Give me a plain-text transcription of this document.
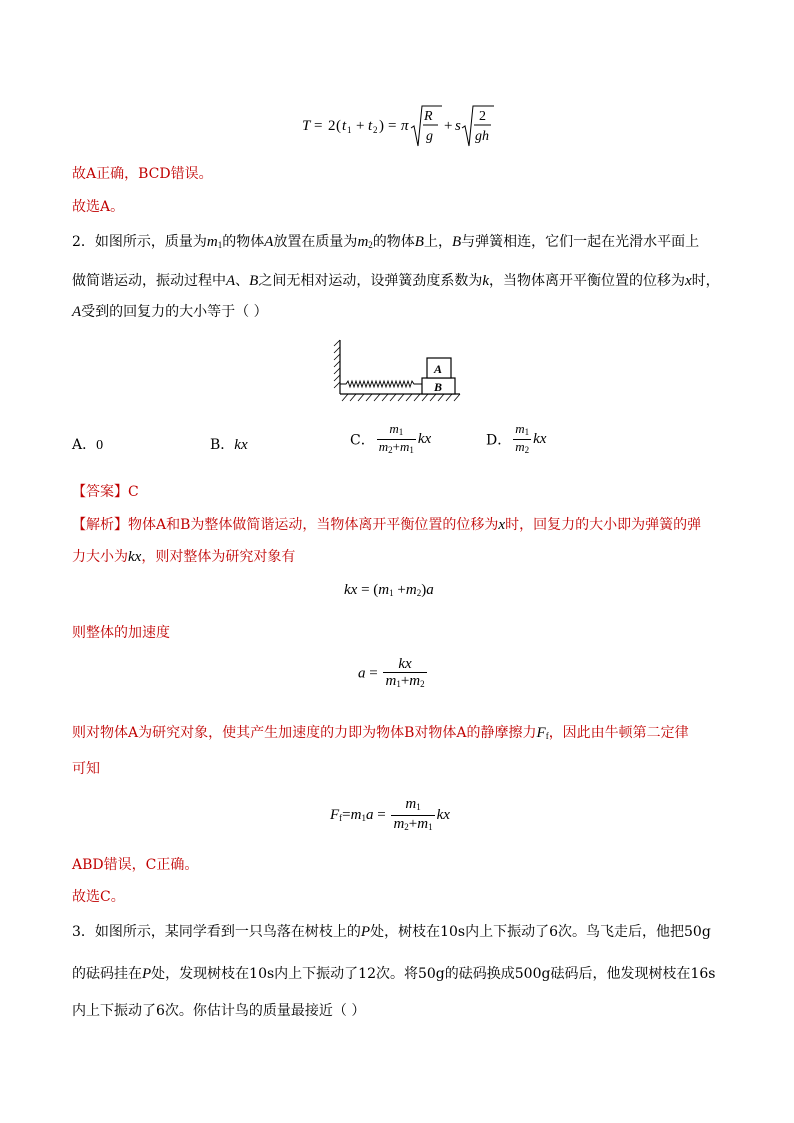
T = 2 ( t 1 + t 2 ) = π
R
g
+ s
2
gh
故A正确，BCD错误。
故选A。
2．如图所示，质量为$m_1$的物体A放置在质量为$m_2$的物体B上，B与弹簧相连，它们一起在光滑水平面上
做简谐运动，振动过程中A、B之间无相对运动，设弹簧劲度系数为k，当物体离开平衡位置的位移为x时，
A受到的回复力的大小等于（ ）
B
A
A．0	B．kx	C． $\frac{m_1}{m_2+m_1}$ kx	D． $\frac{m_1}{m_2}$ kx
【答案】C
【解析】物体A和B为整体做简谐运动，当物体离开平衡位置的位移为x时，回复力的大小即为弹簧的弹
力大小为kx，则对整体为研究对象有
kx = $(m_1 +m_2)a$
则整体的加速度
$a = \frac{kx}{m_1+m_2}$
则对物体A为研究对象，使其产生加速度的力即为物体B对物体A的静摩擦力$F_f$，因此由牛顿第二定律
可知
$F_f=m_1a = \frac{m_1}{m_2+m_1}$ kx
ABD错误，C正确。
故选C。
3．如图所示，某同学看到一只鸟落在树枝上的P处，树枝在10s内上下振动了6次。鸟飞走后，他把50g
的砝码挂在P处，发现树枝在10s内上下振动了12次。将50g的砝码换成500g砝码后，他发现树枝在16s
内上下振动了6次。你估计鸟的质量最接近（ ）
